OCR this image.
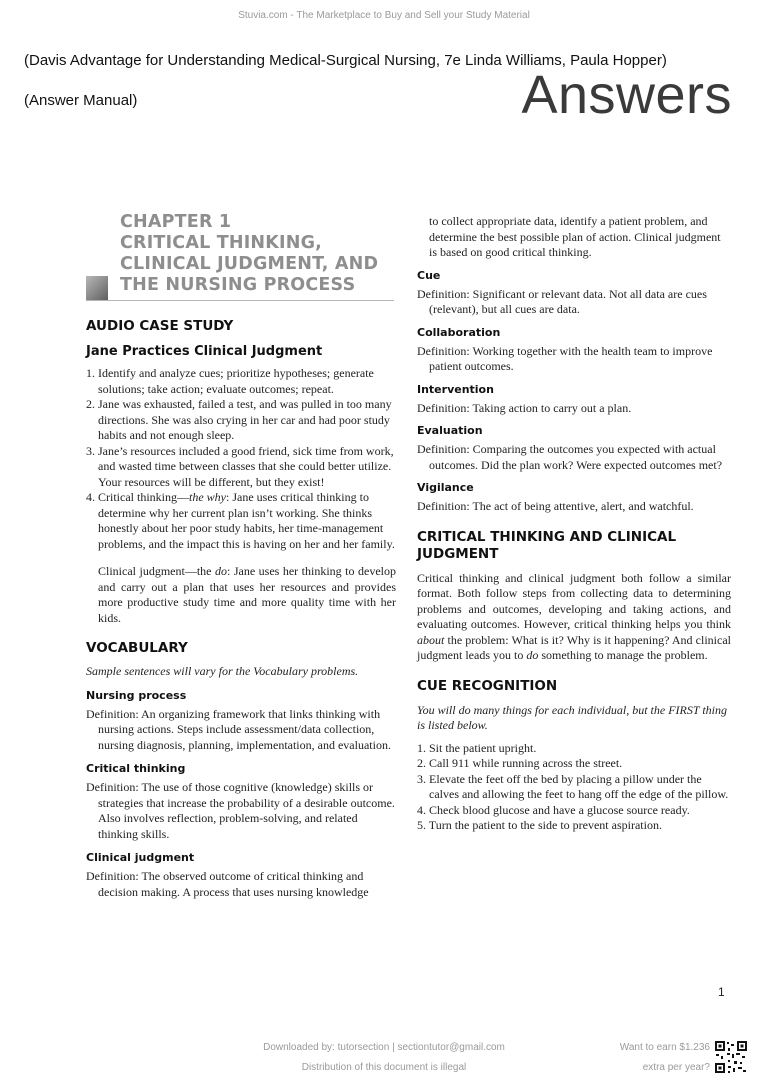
Stuvia.com - The Marketplace to Buy and Sell your Study Material
(Davis Advantage for Understanding Medical-Surgical Nursing, 7e Linda Williams, Paula Hopper)
(Answer Manual)	Answers
CHAPTER 1
CRITICAL THINKING,
CLINICAL JUDGMENT, AND
THE NURSING PROCESS
AUDIO CASE STUDY
Jane Practices Clinical Judgment
1. Identify and analyze cues; prioritize hypotheses; generate solutions; take action; evaluate outcomes; repeat.
2. Jane was exhausted, failed a test, and was pulled in too many directions. She was also crying in her car and had poor study habits and not enough sleep.
3. Jane’s resources included a good friend, sick time from work, and wasted time between classes that she could better utilize. Your resources will be different, but they exist!
4. Critical thinking—the why: Jane uses critical thinking to determine why her current plan isn’t working. She thinks honestly about her poor study habits, her time-management problems, and the impact this is having on her and her family.

Clinical judgment—the do: Jane uses her thinking to develop and carry out a plan that uses her resources and provides more productive study time and more quality time with her kids.

VOCABULARY

Sample sentences will vary for the Vocabulary problems.

Nursing process

Definition: An organizing framework that links thinking with nursing actions. Steps include assessment/data collection, nursing diagnosis, planning, implementation, and evaluation.

Critical thinking

Definition: The use of those cognitive (knowledge) skills or strategies that increase the probability of a desirable outcome. Also involves reflection, problem-solving, and related thinking skills.

Clinical judgment

Definition: The observed outcome of critical thinking and decision making. A process that uses nursing knowledge

to collect appropriate data, identify a patient problem, and determine the best possible plan of action. Clinical judgment is based on good critical thinking.

Cue

Definition: Significant or relevant data. Not all data are cues (relevant), but all cues are data.

Collaboration

Definition: Working together with the health team to improve patient outcomes.

Intervention

Definition: Taking action to carry out a plan.

Evaluation

Definition: Comparing the outcomes you expected with actual outcomes. Did the plan work? Were expected outcomes met?

Vigilance

Definition: The act of being attentive, alert, and watchful.

CRITICAL THINKING AND CLINICAL
JUDGMENT

Critical thinking and clinical judgment both follow a similar format. Both follow steps from collecting data to determining problems and outcomes, developing and taking actions, and evaluating outcomes. However, critical thinking helps you think about the problem: What is it? Why is it happening? And clinical judgment leads you to do something to manage the problem.

CUE RECOGNITION

You will do many things for each individual, but the FIRST thing is listed below.

1. Sit the patient upright.
2. Call 911 while running across the street.
3. Elevate the feet off the bed by placing a pillow under the calves and allowing the feet to hang off the edge of the pillow.
4. Check blood glucose and have a glucose source ready.
5. Turn the patient to the side to prevent aspiration.
1
Downloaded by: tutorsection | sectiontutor@gmail.com
Distribution of this document is illegal
Want to earn $1.236
extra per year?
